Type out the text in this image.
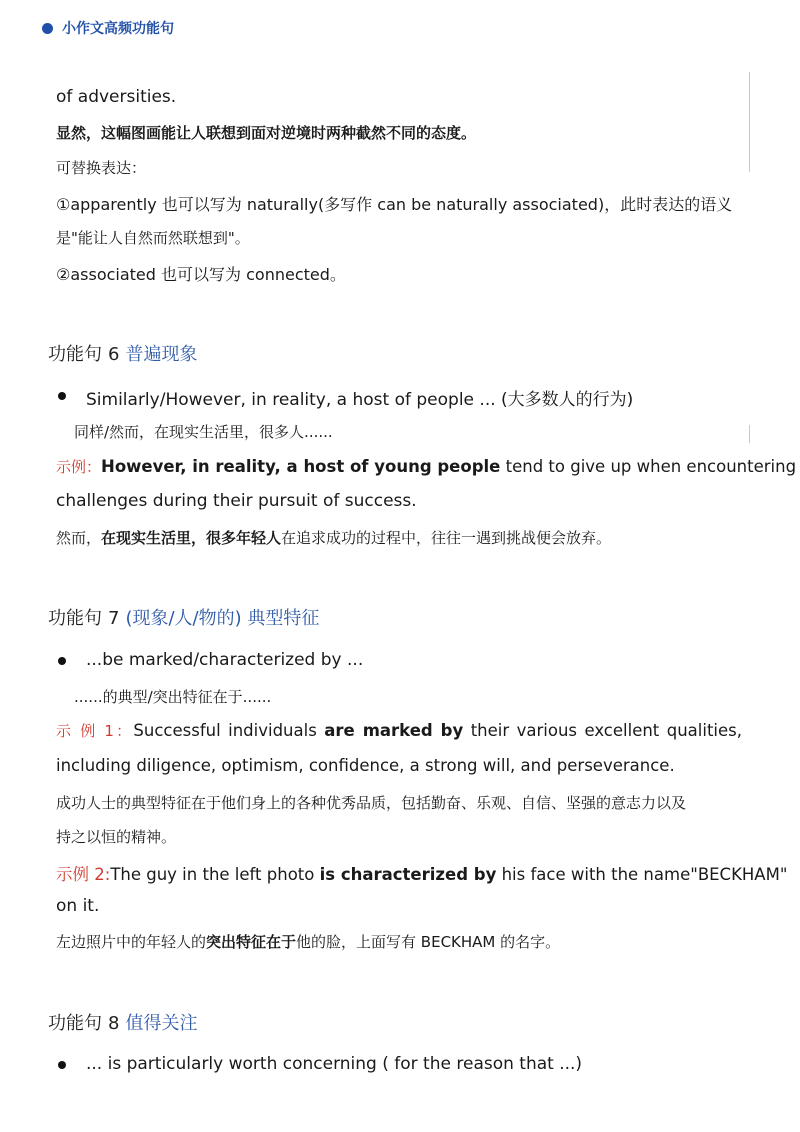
小作文高频功能句
of adversities.
显然，这幅图画能让人联想到面对逆境时两种截然不同的态度。
可替换表达：
①apparently 也可以写为 naturally(多写作 can be naturally associated)，此时表达的语义
是"能让人自然而然联想到"。
②associated 也可以写为 connected。
功能句 6 普遍现象
Similarly/However, in reality, a host of people ... (大多数人的行为)
同样/然而，在现实生活里，很多人......
示例：However, in reality, a host of young people tend to give up when encountering
challenges during their pursuit of success.
然而，在现实生活里，很多年轻人在追求成功的过程中，往往一遇到挑战便会放弃。
功能句 7 (现象/人/物的) 典型特征
...be marked/characterized by ...
......的典型/突出特征在于......
示 例 1：Successful individuals are marked by their various excellent qualities,
including diligence, optimism, confidence, a strong will, and perseverance.
成功人士的典型特征在于他们身上的各种优秀品质，包括勤奋、乐观、自信、坚强的意志力以及
持之以恒的精神。
示例 2:The guy in the left photo is characterized by his face with the name"BECKHAM"
on it.
左边照片中的年轻人的突出特征在于他的脸，上面写有 BECKHAM 的名字。
功能句 8 值得关注
... is particularly worth concerning ( for the reason that ...)
